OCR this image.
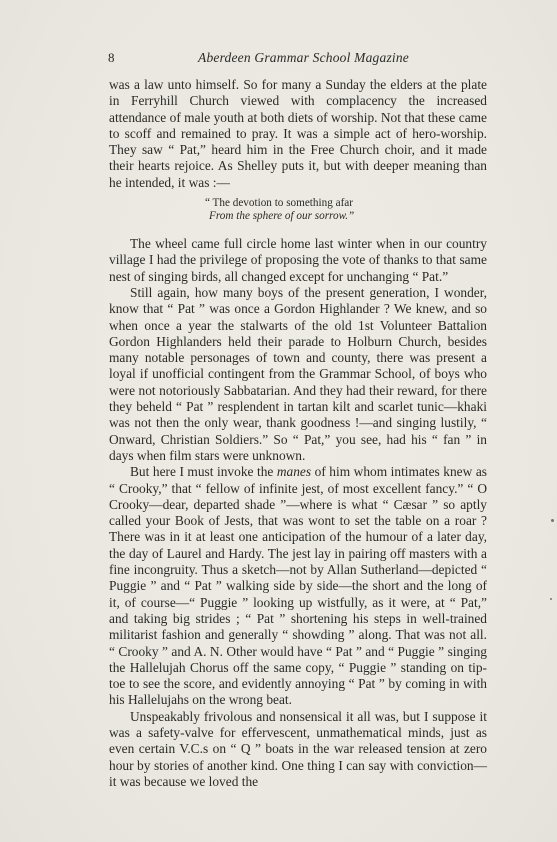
8	Aberdeen Grammar School Magazine

was a law unto himself. So for many a Sunday the elders at the plate in Ferryhill Church viewed with complacency the increased attendance of male youth at both diets of worship. Not that these came to scoff and remained to pray. It was a simple act of hero-worship. They saw “ Pat,” heard him in the Free Church choir, and it made their hearts rejoice. As Shelley puts it, but with deeper meaning than he intended, it was :—

“ The devotion to something afar
From the sphere of our sorrow.”

The wheel came full circle home last winter when in our country village I had the privilege of proposing the vote of thanks to that same nest of singing birds, all changed except for unchanging “ Pat.”

Still again, how many boys of the present generation, I wonder, know that “ Pat ” was once a Gordon Highlander ? We knew, and so when once a year the stalwarts of the old 1st Volunteer Battalion Gordon Highlanders held their parade to Holburn Church, besides many notable personages of town and county, there was present a loyal if unofficial contingent from the Grammar School, of boys who were not notoriously Sabbatarian. And they had their reward, for there they beheld “ Pat ” resplendent in tartan kilt and scarlet tunic—khaki was not then the only wear, thank goodness !—and singing lustily, “ Onward, Christian Soldiers.” So “ Pat,” you see, had his “ fan ” in days when film stars were unknown.

But here I must invoke the manes of him whom intimates knew as “ Crooky,” that “ fellow of infinite jest, of most excellent fancy.” “ O Crooky—dear, departed shade ”—where is what “ Cæsar ” so aptly called your Book of Jests, that was wont to set the table on a roar ? There was in it at least one anticipation of the humour of a later day, the day of Laurel and Hardy. The jest lay in pairing off masters with a fine incongruity. Thus a sketch—not by Allan Sutherland—depicted “ Puggie ” and “ Pat ” walking side by side—the short and the long of it, of course—“ Puggie ” looking up wistfully, as it were, at “ Pat,” and taking big strides ; “ Pat ” shortening his steps in well-trained militarist fashion and generally “ showding ” along. That was not all. “ Crooky ” and A. N. Other would have “ Pat ” and “ Puggie ” singing the Hallelujah Chorus off the same copy, “ Puggie ” standing on tip-toe to see the score, and evidently annoying “ Pat ” by coming in with his Hallelujahs on the wrong beat.

Unspeakably frivolous and nonsensical it all was, but I suppose it was a safety-valve for effervescent, unmathematical minds, just as even certain V.C.s on “ Q ” boats in the war released tension at zero hour by stories of another kind. One thing I can say with conviction—it was because we loved the
